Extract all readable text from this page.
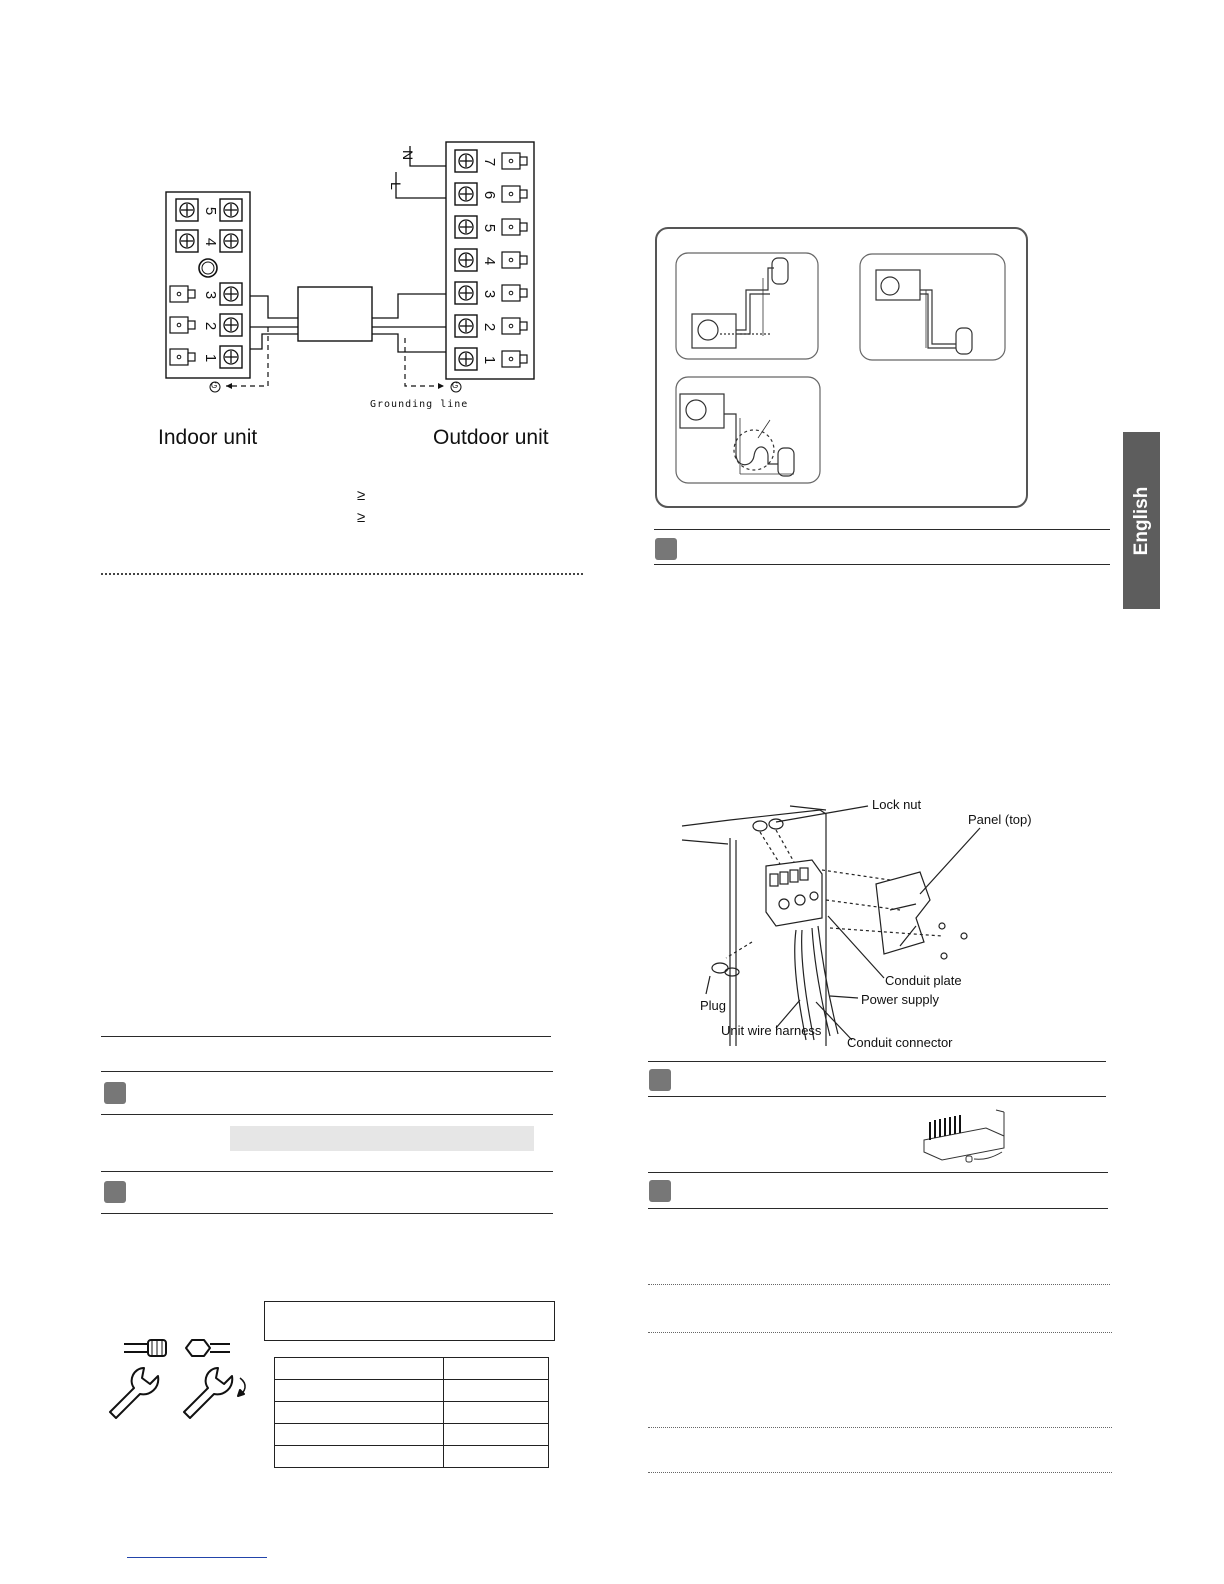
5
4
3
2
1
7
6
5
4
3
2
1
N
L
G	G
Grounding line
Indoor unit	Outdoor unit
≥
≥

		English
Lock nut
Panel (top)
Conduit plate
Power supply
Plug
Unit wire harness
Conduit connector
